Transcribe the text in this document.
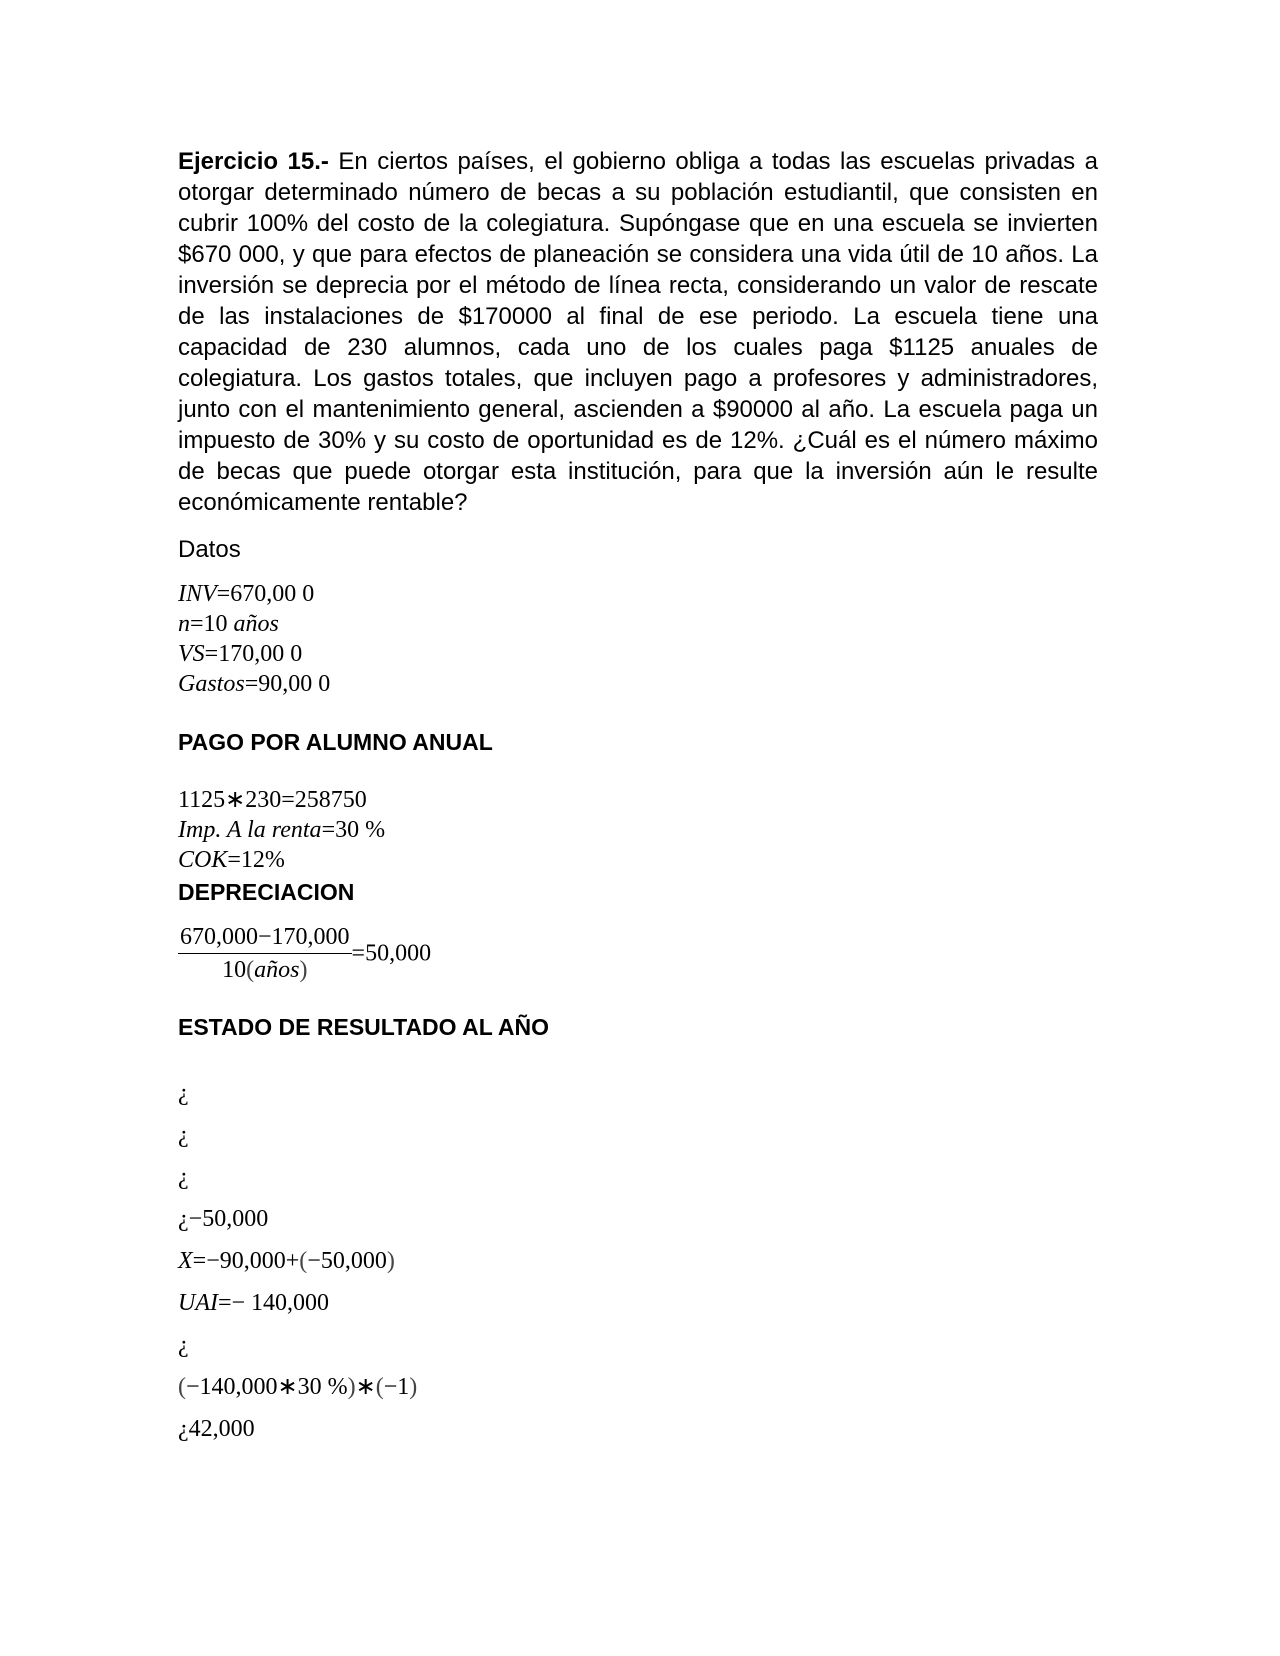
Ejercicio 15.- En ciertos países, el gobierno obliga a todas las escuelas privadas a otorgar determinado número de becas a su población estudiantil, que consisten en cubrir 100% del costo de la colegiatura. Supóngase que en una escuela se invierten $670 000, y que para efectos de planeación se considera una vida útil de 10 años. La inversión se deprecia por el método de línea recta, considerando un valor de rescate de las instalaciones de $170000 al final de ese periodo. La escuela tiene una capacidad de 230 alumnos, cada uno de los cuales paga $1125 anuales de colegiatura. Los gastos totales, que incluyen pago a profesores y administradores, junto con el mantenimiento general, ascienden a $90000 al año. La escuela paga un impuesto de 30% y su costo de oportunidad es de 12%. ¿Cuál es el número máximo de becas que puede otorgar esta institución, para que la inversión aún le resulte económicamente rentable?

Datos

INV=670,00 0

n=10 años

VS=170,00 0

Gastos=90,00 0

PAGO POR ALUMNO ANUAL

1125∗230=258750

Imp. A la renta=30 %

COK=12%

DEPRECIACION

$\frac{670,000-170,000}{\text{10(años)}} =50,000$

ESTADO DE RESULTADO AL AÑO

¿

¿

¿

¿−50,000

X=−90,000+(−50,000)

UAI=− 140,000

¿

(−140,000∗30 %)∗(−1)

¿42,000
